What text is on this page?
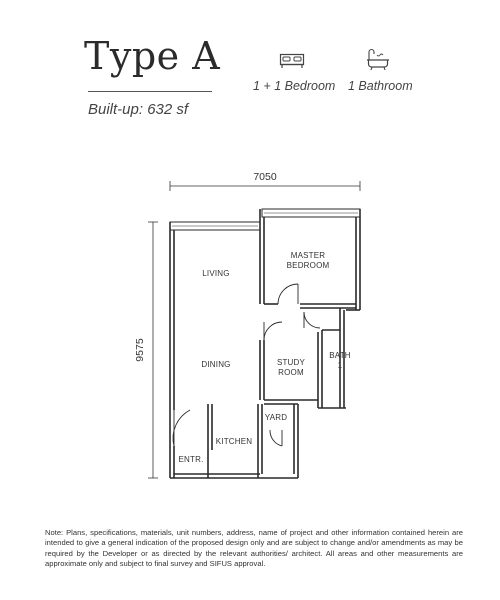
Type A
Built-up: 632 sf
1 + 1 Bedroom 1 Bathroom
7050
9575
LIVING
MASTER
BEDROOM
DINING	STUDY
ROOM
BATH
1
YARD
KITCHEN
ENTR.
Note: Plans, specifications, materials, unit numbers, address, name of project and other information contained herein are intended to give a general indication of the proposed design only and are subject to change and/or amendments as may be required by the Developer or as directed by the relevant authorities/ architect. All areas and other measurements are approximate only and subject to final survey and SIFUS approval.
